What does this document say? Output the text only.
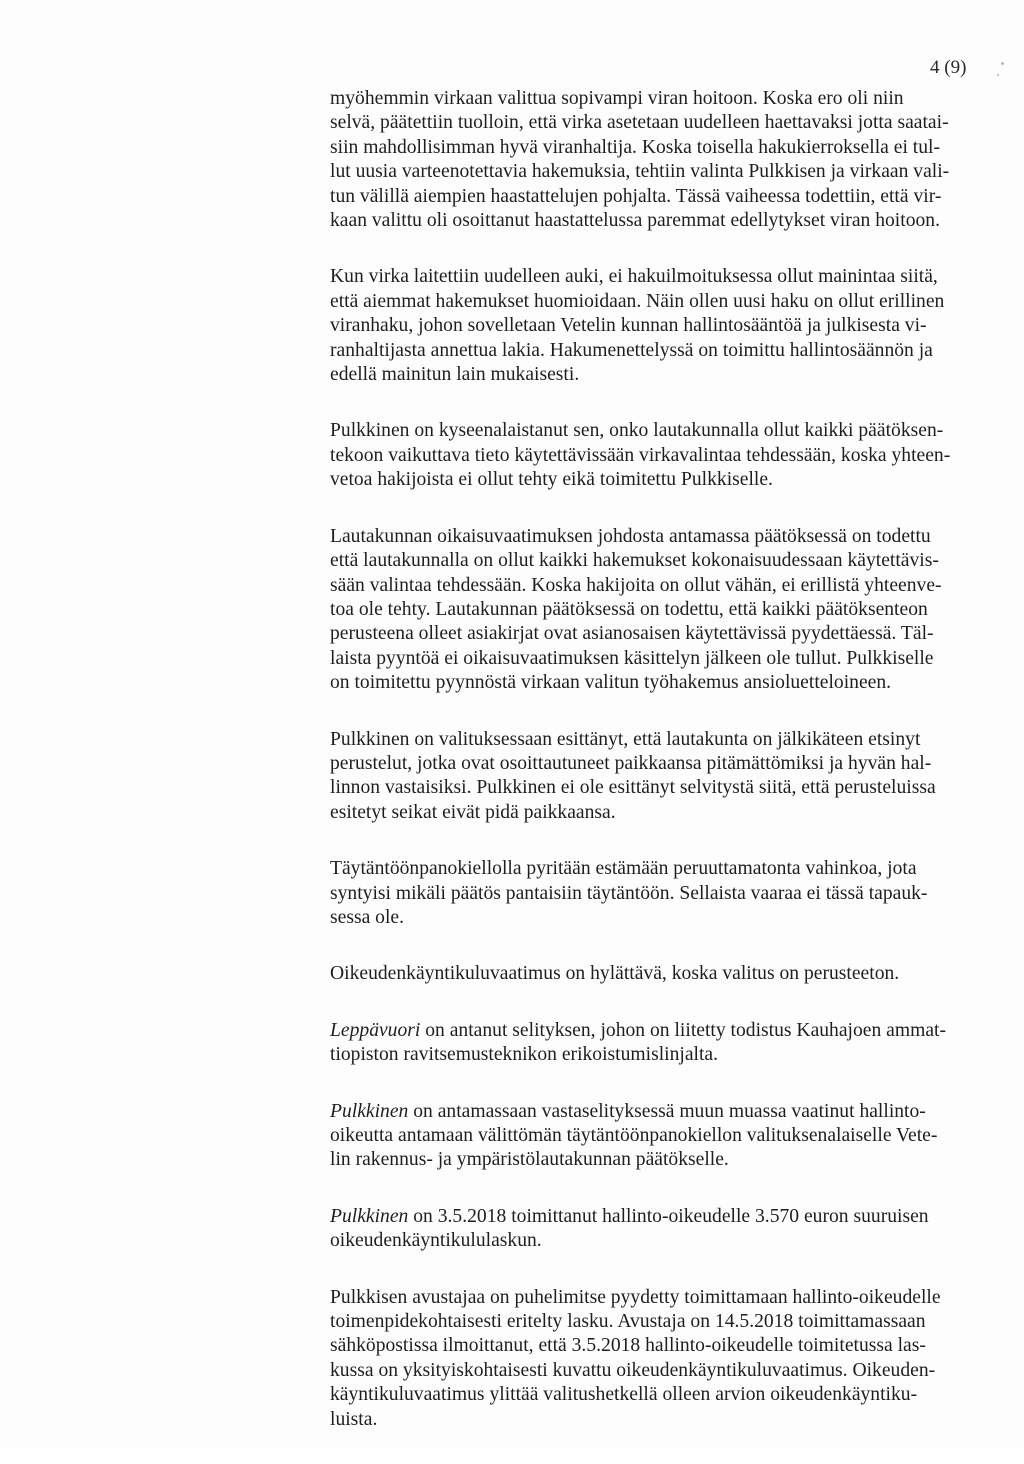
4 (9)

myöhemmin virkaan valittua sopivampi viran hoitoon. Koska ero oli niin
selvä, päätettiin tuolloin, että virka asetetaan uudelleen haettavaksi jotta saatai-
siin mahdollisimman hyvä viranhaltija. Koska toisella hakukierroksella ei tul-
lut uusia varteenotettavia hakemuksia, tehtiin valinta Pulkkisen ja virkaan vali-
tun välillä aiempien haastattelujen pohjalta. Tässä vaiheessa todettiin, että vir-
kaan valittu oli osoittanut haastattelussa paremmat edellytykset viran hoitoon.

Kun virka laitettiin uudelleen auki, ei hakuilmoituksessa ollut mainintaa siitä,
että aiemmat hakemukset huomioidaan. Näin ollen uusi haku on ollut erillinen
viranhaku, johon sovelletaan Vetelin kunnan hallintosääntöä ja julkisesta vi-
ranhaltijasta annettua lakia. Hakumenettelyssä on toimittu hallintosäännön ja
edellä mainitun lain mukaisesti.

Pulkkinen on kyseenalaistanut sen, onko lautakunnalla ollut kaikki päätöksen-
tekoon vaikuttava tieto käytettävissään virkavalintaa tehdessään, koska yhteen-
vetoa hakijoista ei ollut tehty eikä toimitettu Pulkkiselle.

Lautakunnan oikaisuvaatimuksen johdosta antamassa päätöksessä on todettu
että lautakunnalla on ollut kaikki hakemukset kokonaisuudessaan käytettävis-
sään valintaa tehdessään. Koska hakijoita on ollut vähän, ei erillistä yhteenve-
toa ole tehty. Lautakunnan päätöksessä on todettu, että kaikki päätöksenteon
perusteena olleet asiakirjat ovat asianosaisen käytettävissä pyydettäessä. Täl-
laista pyyntöä ei oikaisuvaatimuksen käsittelyn jälkeen ole tullut. Pulkkiselle
on toimitettu pyynnöstä virkaan valitun työhakemus ansioluetteloineen.

Pulkkinen on valituksessaan esittänyt, että lautakunta on jälkikäteen etsinyt
perustelut, jotka ovat osoittautuneet paikkaansa pitämättömiksi ja hyvän hal-
linnon vastaisiksi. Pulkkinen ei ole esittänyt selvitystä siitä, että perusteluissa
esitetyt seikat eivät pidä paikkaansa.

Täytäntöönpanokiellolla pyritään estämään peruuttamatonta vahinkoa, jota
syntyisi mikäli päätös pantaisiin täytäntöön. Sellaista vaaraa ei tässä tapauk-
sessa ole.

Oikeudenkäyntikuluvaatimus on hylättävä, koska valitus on perusteeton.

Leppävuori on antanut selityksen, johon on liitetty todistus Kauhajoen ammat-
tiopiston ravitsemusteknikon erikoistumislinjalta.

Pulkkinen on antamassaan vastaselityksessä muun muassa vaatinut hallinto-
oikeutta antamaan välittömän täytäntöönpanokiellon valituksenalaiselle Vete-
lin rakennus- ja ympäristölautakunnan päätökselle.

Pulkkinen on 3.5.2018 toimittanut hallinto-oikeudelle 3.570 euron suuruisen
oikeudenkäyntikululaskun.

Pulkkisen avustajaa on puhelimitse pyydetty toimittamaan hallinto-oikeudelle
toimenpidekohtaisesti eritelty lasku. Avustaja on 14.5.2018 toimittamassaan
sähköpostissa ilmoittanut, että 3.5.2018 hallinto-oikeudelle toimitetussa las-
kussa on yksityiskohtaisesti kuvattu oikeudenkäyntikuluvaatimus. Oikeuden-
käyntikuluvaatimus ylittää valitushetkellä olleen arvion oikeudenkäyntiku-
luista.
